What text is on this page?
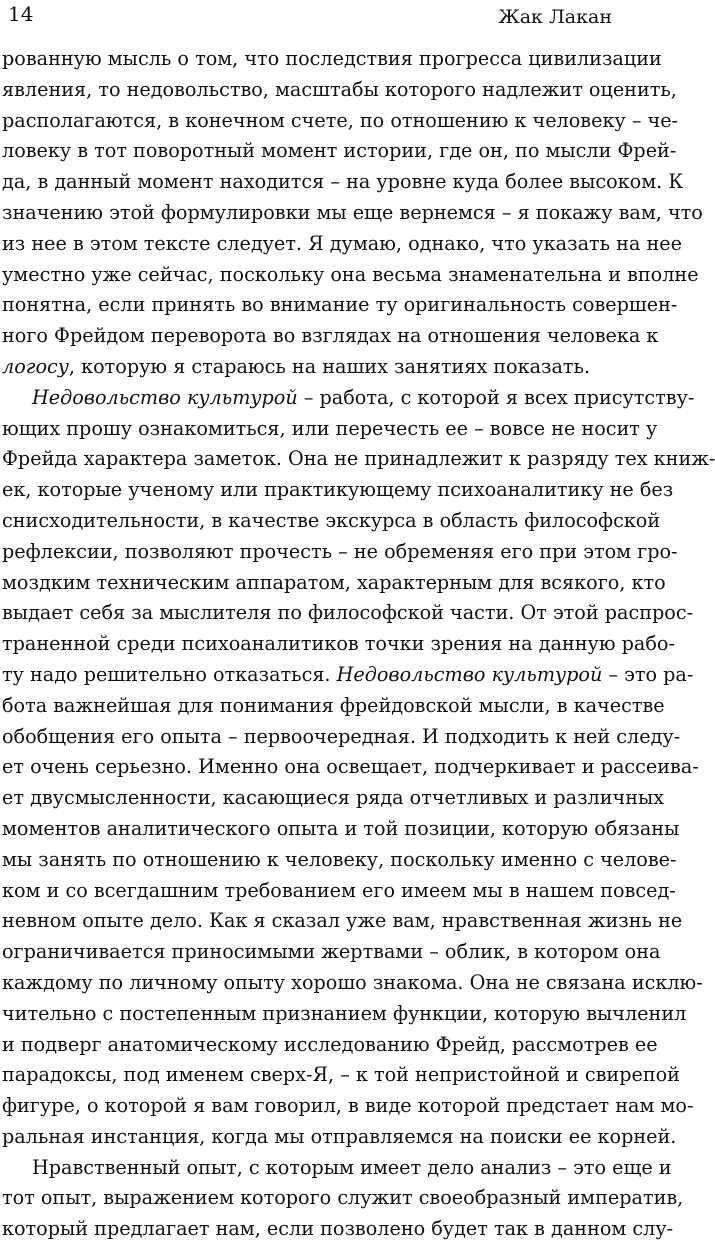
14	Жак Лакан
рованную мысль о том, что последствия прогресса цивилизации
явления, то недовольство, масштабы которого надлежит оценить,
располагаются, в конечном счете, по отношению к человеку – че-
ловеку в тот поворотный момент истории, где он, по мысли Фрей-
да, в данный момент находится – на уровне куда более высоком. К
значению этой формулировки мы еще вернемся – я покажу вам, что
из нее в этом тексте следует. Я думаю, однако, что указать на нее
уместно уже сейчас, поскольку она весьма знаменательна и вполне
понятна, если принять во внимание ту оригинальность совершен-
ного Фрейдом переворота во взглядах на отношения человека к
логосу, которую я стараюсь на наших занятиях показать.
Недовольство культурой – работа, с которой я всех присутству-
ющих прошу ознакомиться, или перечесть ее – вовсе не носит у
Фрейда характера заметок. Она не принадлежит к разряду тех книж-
ек, которые ученому или практикующему психоаналитику не без
снисходительности, в качестве экскурса в область философской
рефлексии, позволяют прочесть – не обременяя его при этом гро-
моздким техническим аппаратом, характерным для всякого, кто
выдает себя за мыслителя по философской части. От этой распрос-
траненной среди психоаналитиков точки зрения на данную рабо-
ту надо решительно отказаться. Недовольство культурой – это ра-
бота важнейшая для понимания фрейдовской мысли, в качестве
обобщения его опыта – первоочередная. И подходить к ней следу-
ет очень серьезно. Именно она освещает, подчеркивает и рассеива-
ет двусмысленности, касающиеся ряда отчетливых и различных
моментов аналитического опыта и той позиции, которую обязаны
мы занять по отношению к человеку, поскольку именно с челове-
ком и со всегдашним требованием его имеем мы в нашем повсед-
невном опыте дело. Как я сказал уже вам, нравственная жизнь не
ограничивается приносимыми жертвами – облик, в котором она
каждому по личному опыту хорошо знакома. Она не связана исклю-
чительно с постепенным признанием функции, которую вычленил
и подверг анатомическому исследованию Фрейд, рассмотрев ее
парадоксы, под именем сверх-Я, – к той непристойной и свирепой
фигуре, о которой я вам говорил, в виде которой предстает нам мо-
ральная инстанция, когда мы отправляемся на поиски ее корней.
Нравственный опыт, с которым имеет дело анализ – это еще и
тот опыт, выражением которого служит своеобразный императив,
который предлагает нам, если позволено будет так в данном слу-
